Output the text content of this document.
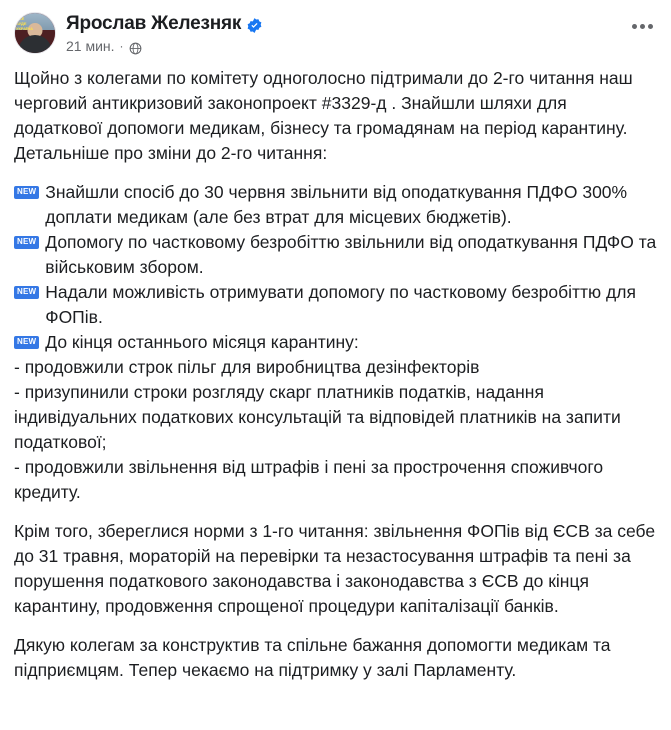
ВСЕ БУДЕ УКРАЇНА Ярослав Железняк
21 мин. ·
Щойно з колегами по комітету одноголосно підтримали до 2-го читання наш черговий антикризовий законопроект #3329-д . Знайшли шляхи для додаткової допомоги медикам, бізнесу та громадянам на період карантину. Детальніше про зміни до 2-го читання:
NEW Знайшли спосіб до 30 червня звільнити від оподаткування ПДФО 300% доплати медикам (але без втрат для місцевих бюджетів).
NEW Допомогу по частковому безробіттю звільнили від оподаткування ПДФО та військовим збором.
NEW Надали можливість отримувати допомогу по частковому безробіттю для ФОПів.
NEW До кінця останнього місяця карантину:
- продовжили строк пільг для виробництва дезінфекторів
- призупинили строки розгляду скарг платників податків, надання індивідуальних податкових консультацій та відповідей платників на запити податкової;
- продовжили звільнення від штрафів і пені за прострочення споживчого кредиту.
Крім того, збереглися норми з 1-го читання: звільнення ФОПів від ЄСВ за себе до 31 травня, мораторій на перевірки та незастосування штрафів та пені за порушення податкового законодавства і законодавства з ЄСВ до кінця карантину, продовження спрощеної процедури капіталізації банків.
Дякую колегам за конструктив та спільне бажання допомогти медикам та підприємцям. Тепер чекаємо на підтримку у залі Парламенту.
